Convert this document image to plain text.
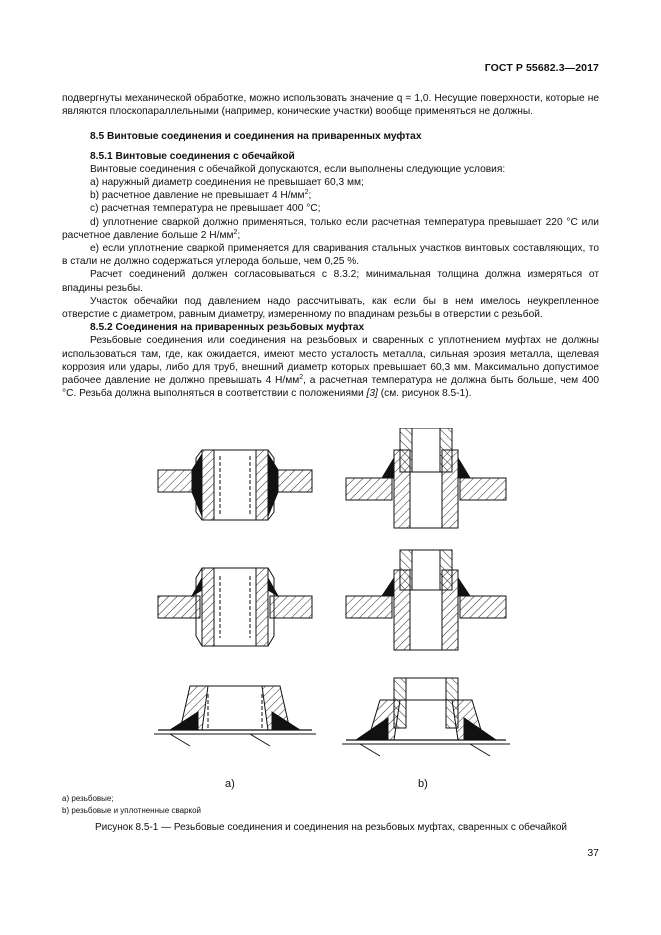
ГОСТ Р 55682.3—2017

подвергнуты механической обработке, можно использовать значение q = 1,0. Несущие поверхности, которые не являются плоскопараллельными (например, конические участки) вообще применяться не должны.

8.5 Винтовые соединения и соединения на приваренных муфтах

8.5.1 Винтовые соединения с обечайкой

Винтовые соединения с обечайкой допускаются, если выполнены следующие условия:

а) наружный диаметр соединения не превышает 60,3 мм;

b) расчетное давление не превышает 4 $Н/мм^2$;

с) расчетная температура не превышает 400 °С;

d) уплотнение сваркой должно применяться, только если расчетная температура превышает 220 °С или расчетное давление больше 2 $Н/мм^2$;

е) если уплотнение сваркой применяется для сваривания стальных участков винтовых составляющих, то в стали не должно содержаться углерода больше, чем 0,25 %.

Расчет соединений должен согласовываться с 8.3.2; минимальная толщина должна измеряться от впадины резьбы.

Участок обечайки под давлением надо рассчитывать, как если бы в нем имелось неукрепленное отверстие с диаметром, равным диаметру, измеренному по впадинам резьбы в отверстии с резьбой.

8.5.2 Соединения на приваренных резьбовых муфтах

Резьбовые соединения или соединения на резьбовых и сваренных с уплотнением муфтах не должны использоваться там, где, как ожидается, имеют место усталость металла, сильная эрозия металла, щелевая коррозия или удары, либо для труб, внешний диаметр которых превышает 60,3 мм. Максимально допустимое рабочее давление не должно превышать 4 $Н/мм^2$, а расчетная температура не должна быть больше, чем 400 °С. Резьба должна выполняться в соответствии с положениями [3] (см. рисунок 8.5-1).

а)	b)
а) резьбовые;
b) резьбовые и уплотненные сваркой
Рисунок 8.5-1 — Резьбовые соединения и соединения на резьбовых муфтах, сваренных с обечайкой
37
